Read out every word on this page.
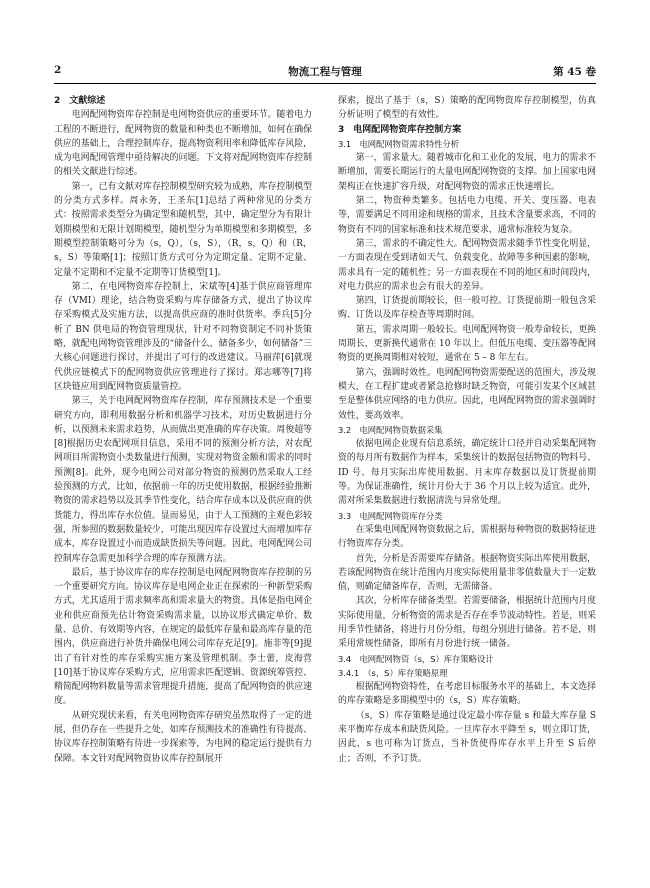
2	物流工程与管理	第 45 卷

2　文献综述

电网配网物资库存控制是电网物资供应的重要环节。随着电力工程的不断进行，配网物资的数量和种类也不断增加，如何在确保供应的基础上，合理控制库存，提高物资利用率和降低库存风险，成为电网配网管理中亟待解决的问题。下文将对配网物资库存控制的相关文献进行综述。

第一，已有文献对库存控制模型研究较为成熟，库存控制模型的分类方式多样。周永务，王圣东[1]总结了两种常见的分类方式：按照需求类型分为确定型和随机型，其中，确定型分为有限计划期模型和无限计划期模型，随机型分为单期模型和多期模型，多期模型控制策略可分为（s，Q），（s，S），（R，s，Q）和（R，s，S）等策略[1]；按照订货方式可分为定期定量、定期不定量、定量不定期和不定量不定期等订货模型[1]。

第二，在电网物资库存控制上，宋斌等[4]基于供应商管理库存（VMI）理论，结合物资采购与库存储备方式，提出了协议库存采购模式及实施方法，以提高供应商的准时供货率。季兵[5]分析了 BN 供电局的物资管理现状，针对不同物资制定不同补货策略，就配电网物资管理涉及的“储备什么，储备多少，如何储备”三大核心问题进行探讨，并提出了可行的改进建议。马丽萍[6]就现代供应链模式下的配网物资供应管理进行了探讨。郑志哪等[7]将区块链应用到配网物资质量管控。

第三，关于电网配网物资库存控制，库存预测技术是一个重要研究方向，即利用数据分析和机器学习技术，对历史数据进行分析，以预测未来需求趋势，从而做出更准确的库存决策。周俊超等[8]根据历史农配网项目信息，采用不同的预测分析方法，对农配网项目所需物资小类数量进行预测，实现对物资金额和需求的同时预测[8]。此外，现今电网公司对部分物资的预测仍然采取人工经验预测的方式，比如，依据前一年的历史使用数据，根据经验推断物资的需求趋势以及其季节性变化，结合库存成本以及供应商的供货能力，得出库存水位值。显而易见，由于人工预测的主观色彩较强，所参照的数据数量较少，可能出现因库存设置过大而增加库存成本，库存设置过小而造成缺货损失等问题。因此，电网配网公司控制库存急需更加科学合理的库存预测方法。

最后，基于协议库存的库存控制是电网配网物资库存控制的另一个重要研究方向。协议库存是电网企业正在探索的一种新型采购方式，尤其适用于需求频率高和需求量大的物资。具体是指电网企业和供应商预先估计物资采购需求量，以协议形式确定单价、数量、总价、有效期等内容，在规定的最低库存量和最高库存量的范围内，供应商进行补货并确保电网公司库存充足[9]。施非等[9]提出了有针对性的库存采购实施方案及管理机制。李士蕾，皮海营[10]基于协议库存采购方式，应用需求匹配逻辑、资源统筹管控、精简配网物料数量等需求管理提升措施，提高了配网物资的供应速度。

从研究现状来看，有关电网物资库存研究虽然取得了一定的进展，但仍存在一些提升之处，如库存预测技术的准确性有待提高、协议库存控制策略有待进一步探索等，为电网的稳定运行提供有力保障。本文针对配网物资协议库存控制展开

探索，提出了基于（s，S）策略的配网物资库存控制模型，仿真分析证明了模型的有效性。

3　电网配网物资库存控制方案

3.1　电网配网物资需求特性分析

第一，需求量大。随着城市化和工业化的发展，电力的需求不断增加，需要长期运行的大量电网配网物资的支撑。加上国家电网架构正在快速扩容升级，对配网物资的需求正快速增长。

第二，物资种类繁多。包括电力电缆、开关、变压器、电表等，需要满足不同用途和规格的需求，且技术含量要求高，不同的物资有不同的国家标准和技术规范要求，通常标准较为复杂。

第三，需求的不确定性大。配网物资需求随季节性变化明显，一方面表现在受到诸如天气、负载变化、故障等多种因素的影响，需求具有一定的随机性；另一方面表现在不同的地区和时间段内，对电力供应的需求也会有很大的差异。

第四，订货提前期较长，但一般可控。订货提前期一般包含采购、订货以及库存检查等周期时间。

第五，需求周期一般较长。电网配网物资一般寿命较长，更换周期长，更新换代通常在 10 年以上。但低压电缆、变压器等配网物资的更换周期相对较短，通常在 5 – 8 年左右。

第六，强调时效性。电网配网物资需要配送的范围大，涉及规模大，在工程扩建或者紧急抢修时缺乏物资，可能引发某个区域甚至是整体供应网络的电力供应。因此，电网配网物资的需求强调时效性，要高效率。

3.2　电网配网物资数据采集

依据电网企业现有信息系统，确定统计口径并自动采集配网物资的每月所有数据作为样本，采集统计的数据包括物资的物料号、ID 号、每月实际出库使用数据、月末库存数据以及订货提前期等。为保证准确性，统计月份大于 36 个月以上较为适宜。此外，需对所采集数据进行数据清洗与异常处理。

3.3　电网配网物资库存分类

在采集电网配网物资数据之后，需根据每种物资的数据特征进行物资库存分类。

首先，分析是否需要库存储备。根据物资实际出库使用数据，若该配网物资在统计范围内月度实际使用量非零值数量大于一定数值，则确定储备库存，否则，无需储备。

其次，分析库存储备类型。若需要储备，根据统计范围内月度实际使用量，分析物资的需求是否存在季节波动特性。若是，则采用季节性储备，将进行月份分组，每组分别进行储备。若不是，则采用常规性储备，即所有月份进行统一储备。

3.4　电网配网物资（s，S）库存策略设计

3.4.1　（s，S）库存策略原理

根据配网物资特性，在考虑目标服务水平的基础上，本文选择的库存策略是多期模型中的（s，S）库存策略。

（s，S）库存策略是通过设定最小库存量 s 和最大库存量 S 来平衡库存成本和缺货风险。一旦库存水平降至 s，则立即订货，因此，s 也可称为订货点，当补货使得库存水平上升至 S 后停止；否则，不予订货。
